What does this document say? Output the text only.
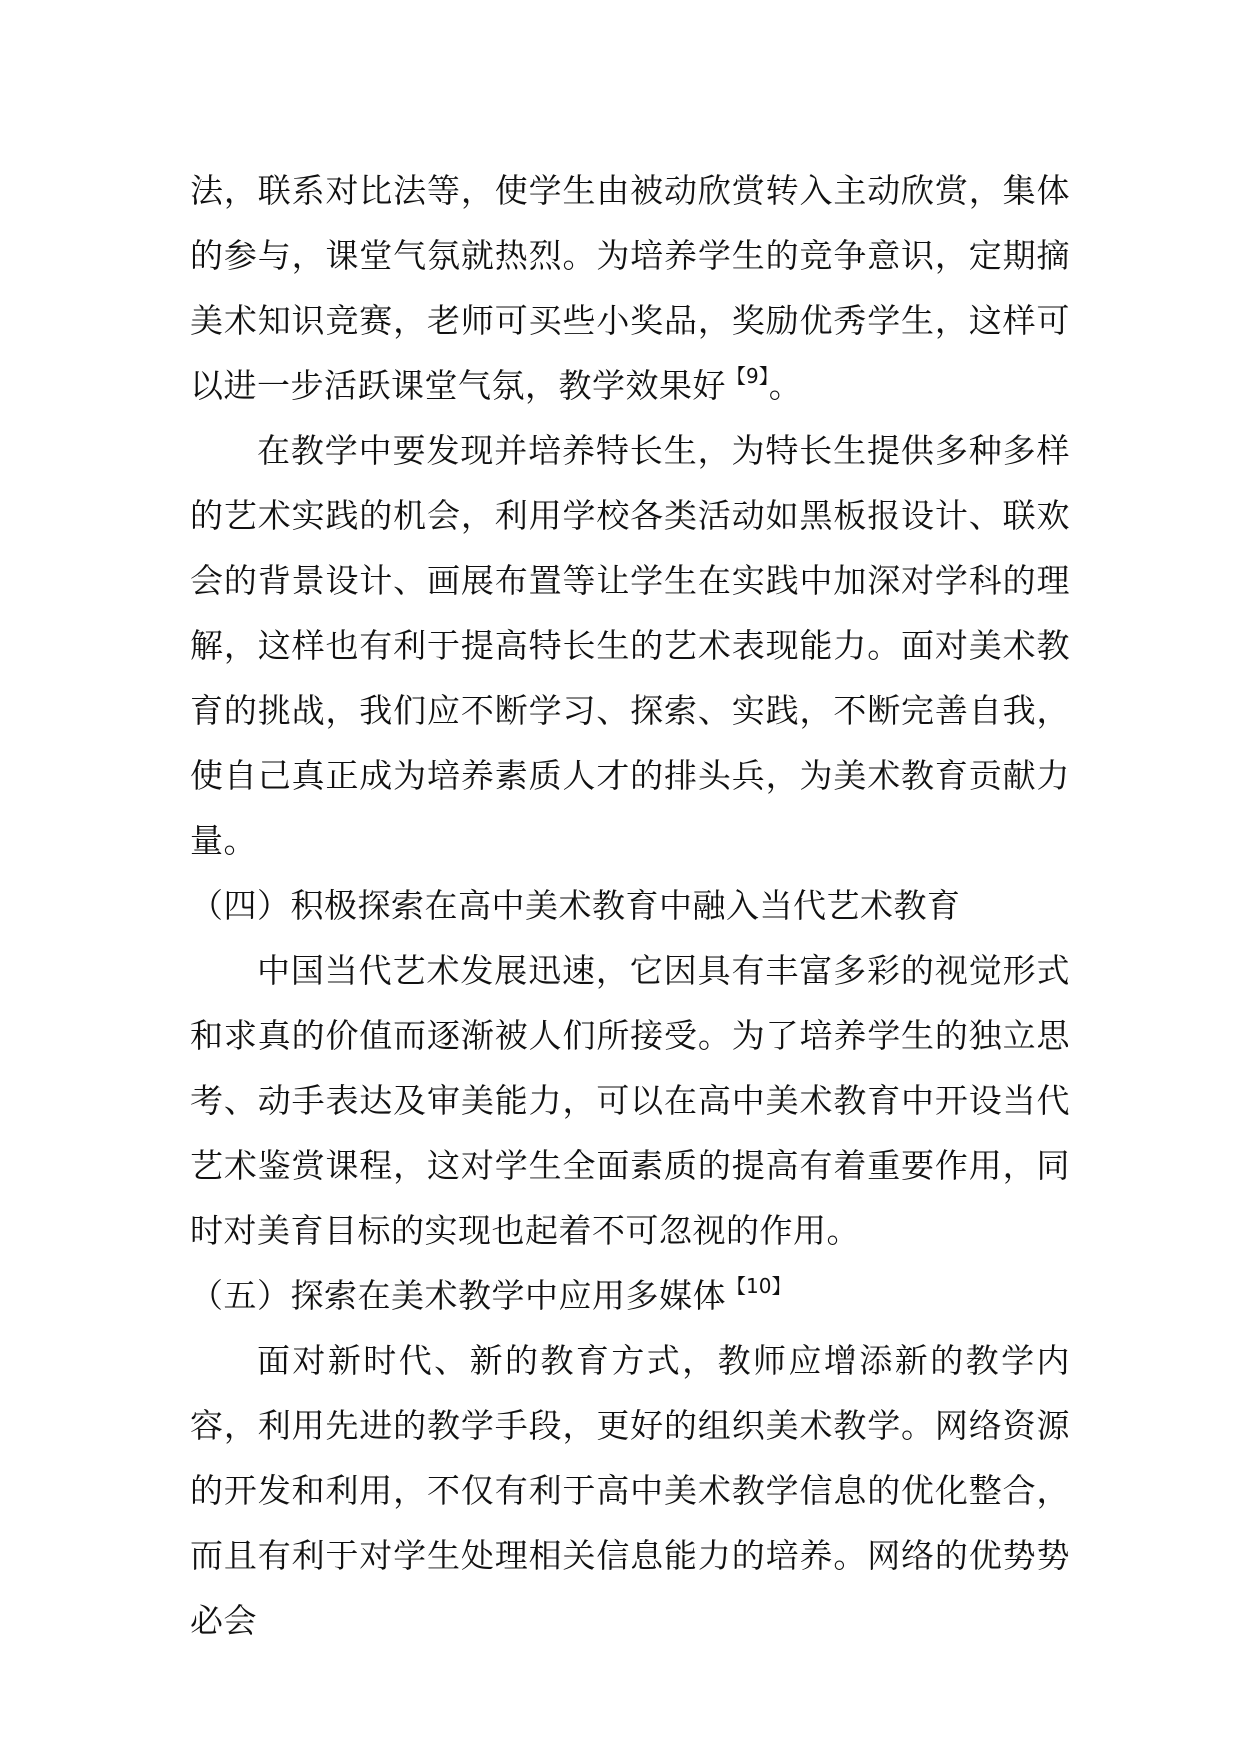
法，联系对比法等，使学生由被动欣赏转入主动欣赏，集体的参与，课堂气氛就热烈。为培养学生的竞争意识，定期摘美术知识竞赛，老师可买些小奖品，奖励优秀学生，这样可以进一步活跃课堂气氛，教学效果好$^{【9】}$。

在教学中要发现并培养特长生，为特长生提供多种多样的艺术实践的机会，利用学校各类活动如黑板报设计、联欢会的背景设计、画展布置等让学生在实践中加深对学科的理解，这样也有利于提高特长生的艺术表现能力。面对美术教育的挑战，我们应不断学习、探索、实践，不断完善自我，使自己真正成为培养素质人才的排头兵，为美术教育贡献力量。

（四）积极探索在高中美术教育中融入当代艺术教育

中国当代艺术发展迅速，它因具有丰富多彩的视觉形式和求真的价值而逐渐被人们所接受。为了培养学生的独立思考、动手表达及审美能力，可以在高中美术教育中开设当代艺术鉴赏课程，这对学生全面素质的提高有着重要作用，同时对美育目标的实现也起着不可忽视的作用。

（五）探索在美术教学中应用多媒体$^{【10】}$

面对新时代、新的教育方式，教师应增添新的教学内容，利用先进的教学手段，更好的组织美术教学。网络资源的开发和利用，不仅有利于高中美术教学信息的优化整合，而且有利于对学生处理相关信息能力的培养。网络的优势势必会
